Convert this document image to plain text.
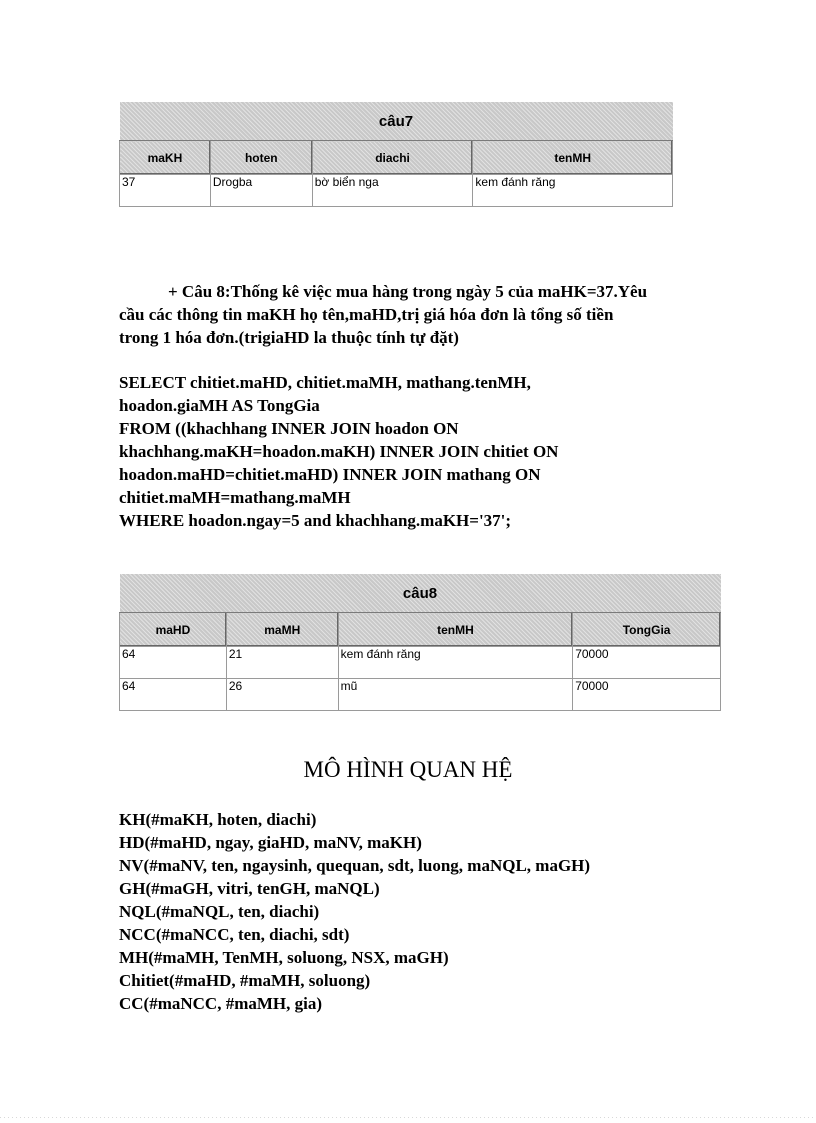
câu7			
maKH	hoten	diachi	tenMH
37	Drogba	bờ biển nga	kem đánh răng
+ Câu 8:Thống kê việc mua hàng trong ngày 5 của maHK=37.Yêu
cầu các thông tin maKH họ tên,maHD,trị giá hóa đơn là tổng số tiền
trong 1 hóa đơn.(trigiaHD la thuộc tính tự đặt)
SELECT chitiet.maHD, chitiet.maMH, mathang.tenMH,
hoadon.giaMH AS TongGia
FROM ((khachhang INNER JOIN hoadon ON
khachhang.maKH=hoadon.maKH) INNER JOIN chitiet ON
hoadon.maHD=chitiet.maHD) INNER JOIN mathang ON
chitiet.maMH=mathang.maMH
WHERE hoadon.ngay=5 and khachhang.maKH='37';
câu8			
maHD	maMH	tenMH	TongGia
64	21	kem đánh răng	70000
64	26	mũ	70000
MÔ HÌNH QUAN HỆ
KH(#maKH, hoten, diachi)
HD(#maHD, ngay, giaHD, maNV, maKH)
NV(#maNV, ten, ngaysinh, quequan, sdt, luong, maNQL, maGH)
GH(#maGH, vitri, tenGH, maNQL)
NQL(#maNQL, ten, diachi)
NCC(#maNCC, ten, diachi, sdt)
MH(#maMH, TenMH, soluong, NSX, maGH)
Chitiet(#maHD, #maMH, soluong)
CC(#maNCC, #maMH, gia)
